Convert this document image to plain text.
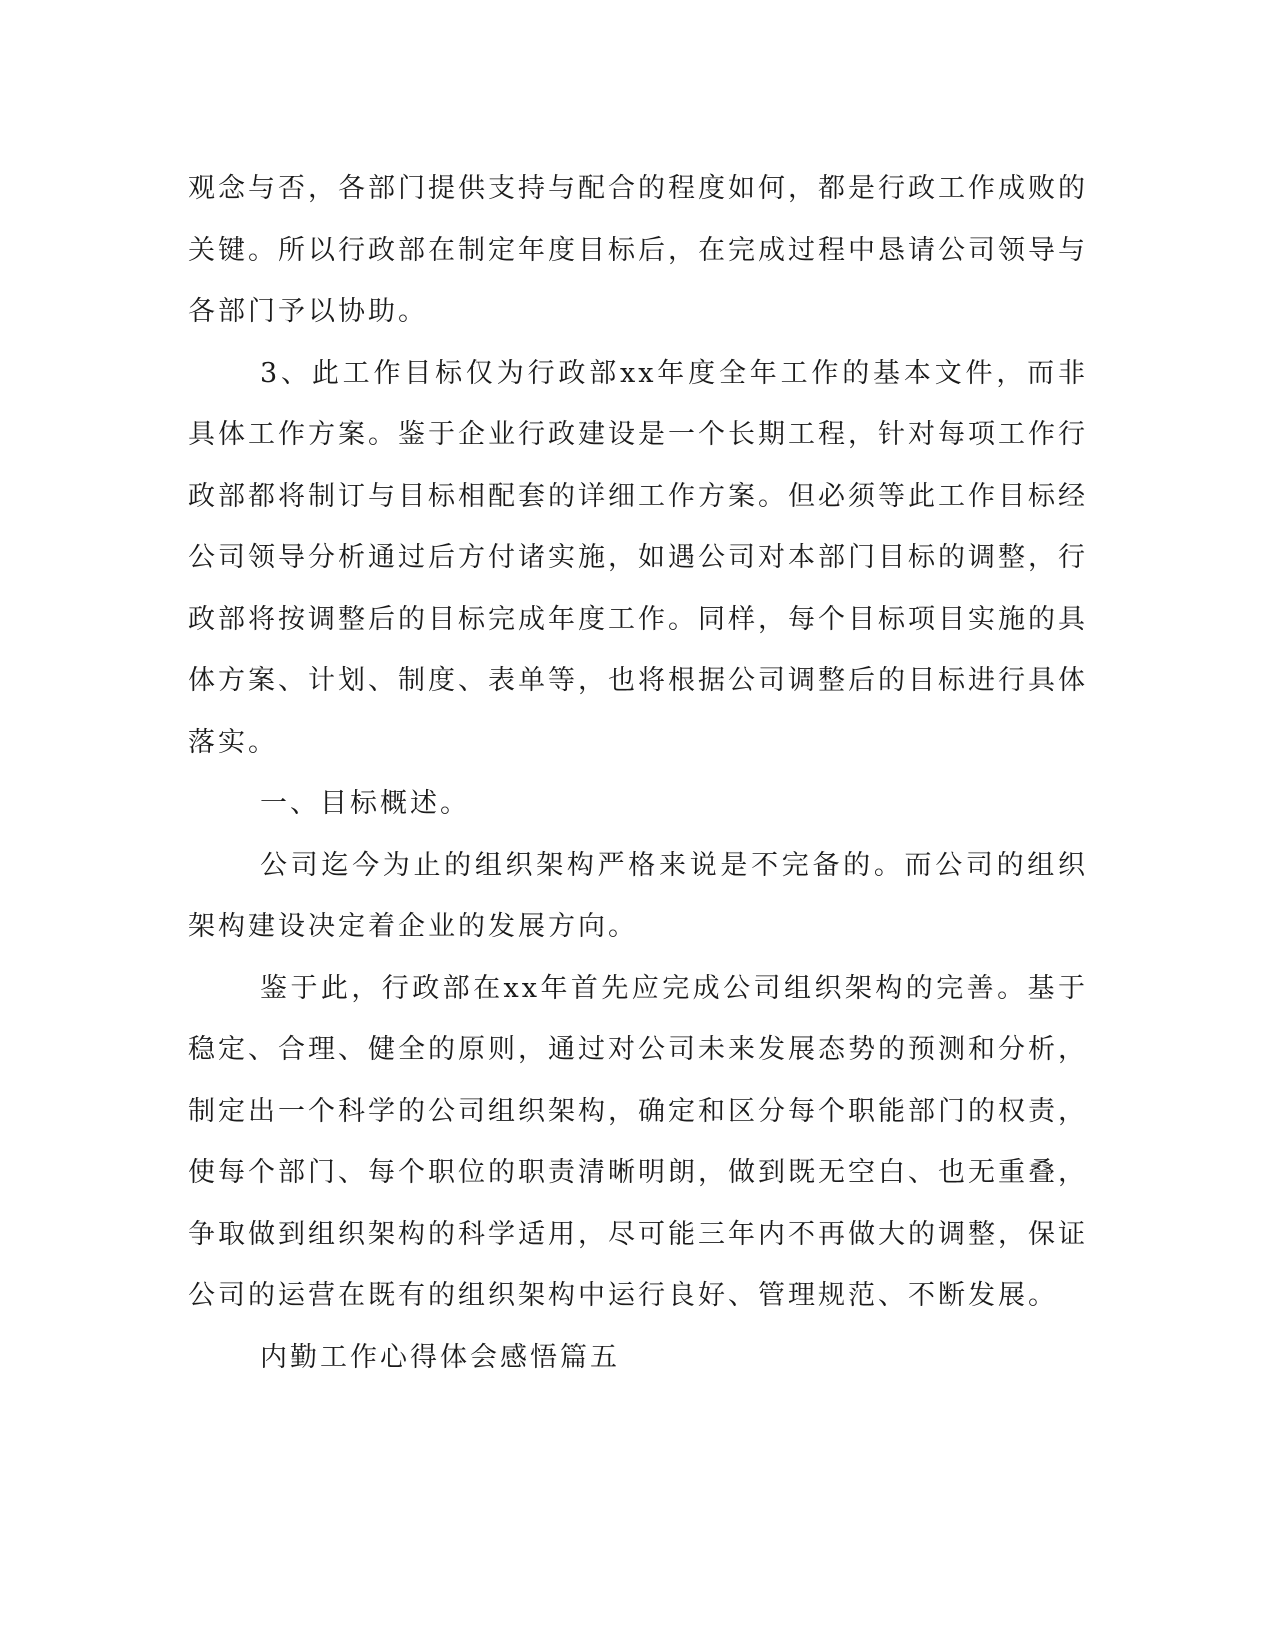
观念与否，各部门提供支持与配合的程度如何，都是行政工作成败的关键。所以行政部在制定年度目标后，在完成过程中恳请公司领导与各部门予以协助。

3、此工作目标仅为行政部xx年度全年工作的基本文件，而非具体工作方案。鉴于企业行政建设是一个长期工程，针对每项工作行政部都将制订与目标相配套的详细工作方案。但必须等此工作目标经公司领导分析通过后方付诸实施，如遇公司对本部门目标的调整，行政部将按调整后的目标完成年度工作。同样，每个目标项目实施的具体方案、计划、制度、表单等，也将根据公司调整后的目标进行具体落实。

一、目标概述。

公司迄今为止的组织架构严格来说是不完备的。而公司的组织架构建设决定着企业的发展方向。

鉴于此，行政部在xx年首先应完成公司组织架构的完善。基于稳定、合理、健全的原则，通过对公司未来发展态势的预测和分析，制定出一个科学的公司组织架构，确定和区分每个职能部门的权责，使每个部门、每个职位的职责清晰明朗，做到既无空白、也无重叠，争取做到组织架构的科学适用，尽可能三年内不再做大的调整，保证公司的运营在既有的组织架构中运行良好、管理规范、不断发展。

内勤工作心得体会感悟篇五
